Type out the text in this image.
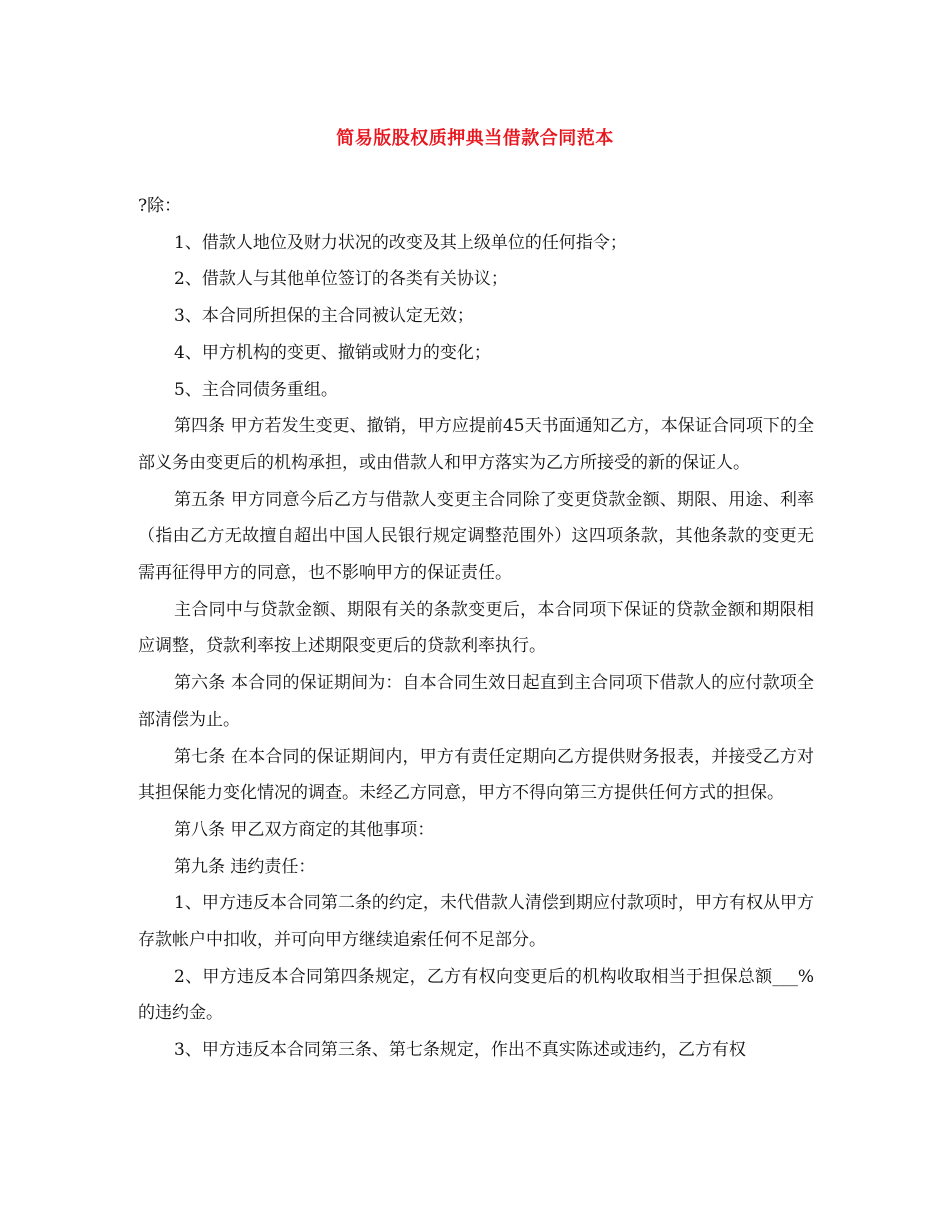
简易版股权质押典当借款合同范本

?除：

1、借款人地位及财力状况的改变及其上级单位的任何指令；

2、借款人与其他单位签订的各类有关协议；

3、本合同所担保的主合同被认定无效；

4、甲方机构的变更、撤销或财力的变化；

5、主合同债务重组。

第四条 甲方若发生变更、撤销，甲方应提前45天书面通知乙方，本保证合同项下的全部义务由变更后的机构承担，或由借款人和甲方落实为乙方所接受的新的保证人。

第五条 甲方同意今后乙方与借款人变更主合同除了变更贷款金额、期限、用途、利率（指由乙方无故擅自超出中国人民银行规定调整范围外）这四项条款，其他条款的变更无需再征得甲方的同意，也不影响甲方的保证责任。

主合同中与贷款金额、期限有关的条款变更后，本合同项下保证的贷款金额和期限相应调整，贷款利率按上述期限变更后的贷款利率执行。

第六条 本合同的保证期间为：自本合同生效日起直到主合同项下借款人的应付款项全部清偿为止。

第七条 在本合同的保证期间内，甲方有责任定期向乙方提供财务报表，并接受乙方对其担保能力变化情况的调查。未经乙方同意，甲方不得向第三方提供任何方式的担保。

第八条 甲乙双方商定的其他事项：

第九条 违约责任：

1、甲方违反本合同第二条的约定，未代借款人清偿到期应付款项时，甲方有权从甲方存款帐户中扣收，并可向甲方继续追索任何不足部分。

2、甲方违反本合同第四条规定，乙方有权向变更后的机构收取相当于担保总额___%的违约金。

3、甲方违反本合同第三条、第七条规定，作出不真实陈述或违约，乙方有权
